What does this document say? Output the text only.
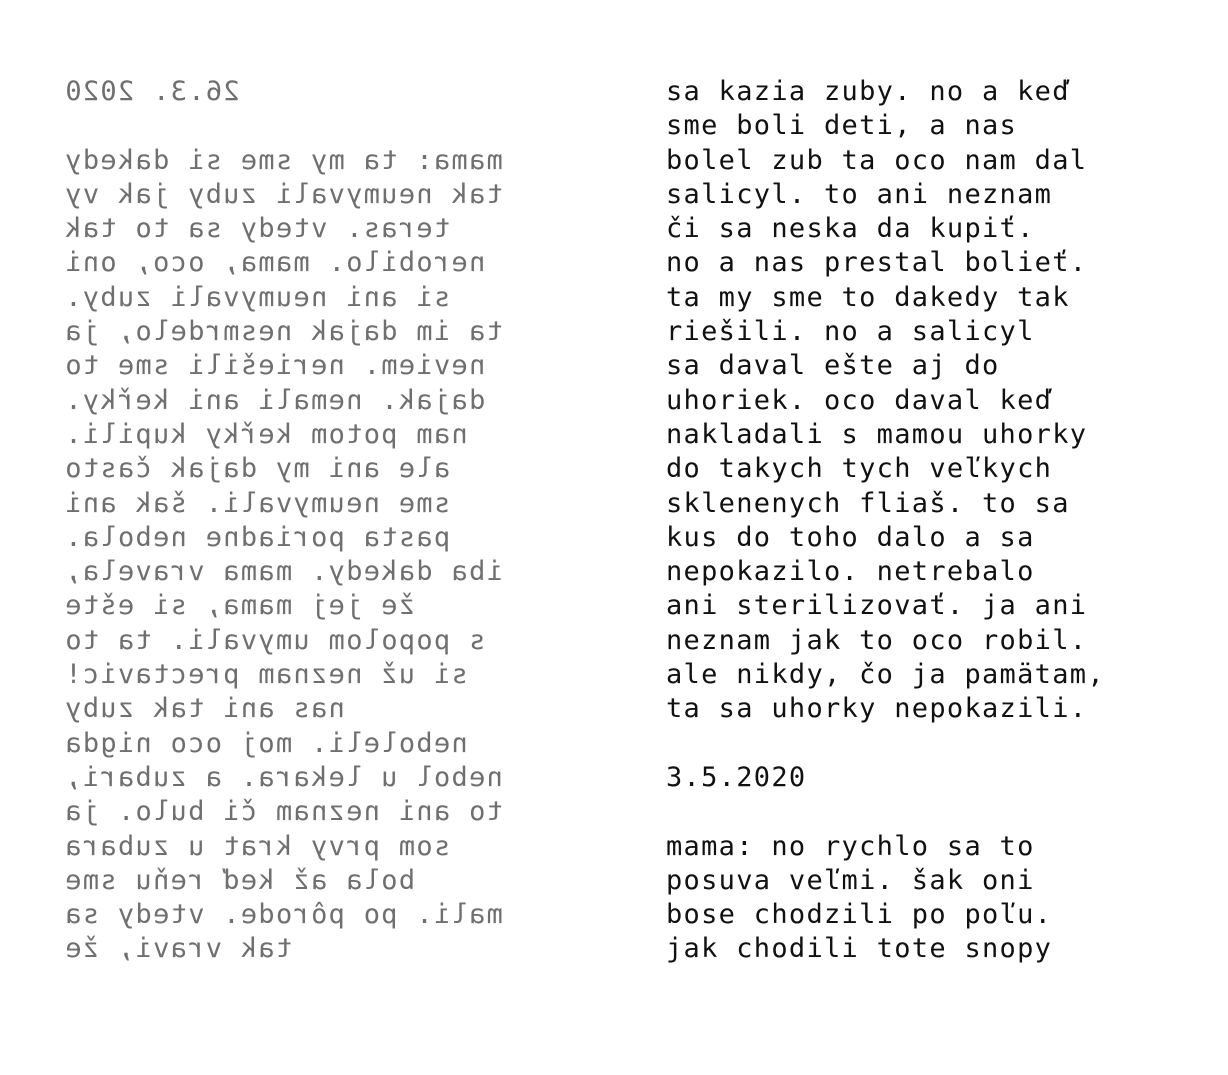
26.3. 2020

mama: ta my sme si dakedy
tak neumyvali zuby jak vy
teras. vtedy sa to tak
nerobilo. mama, oco, oni
si ani neumyvali zuby.
ta im dajak nesmrdelo, ja
neviem. neriešili sme to
dajak. nemali ani keřky.
nam potom keřky kupili.
ale ani my dajak často
sme neumyvali. šak ani
pasta poriadne nebola.
iba dakedy. mama vravela,
že jej mama, si ešte
s popolom umyvali. ta to
si už neznam prectavic!
nas ani tak zuby
neboleli. moj oco nigda
nebol u lekara. a zubari,
to ani neznam či bulo. ja
som prvy krat u zubara
bola až keď reňu sme
mali. po pôrode. vtedy sa
tak vravi, že
sa kazia zuby. no a keď
sme boli deti, a nas
bolel zub ta oco nam dal
salicyl. to ani neznam
či sa neska da kupiť.
no a nas prestal bolieť.
ta my sme to dakedy tak
riešili. no a salicyl
sa daval ešte aj do
uhoriek. oco daval keď
nakladali s mamou uhorky
do takych tych veľkych
sklenenych fliaš. to sa
kus do toho dalo a sa
nepokazilo. netrebalo
ani sterilizovať. ja ani
neznam jak to oco robil.
ale nikdy, čo ja pamätam,
ta sa uhorky nepokazili.

3.5.2020

mama: no rychlo sa to
posuva veľmi. šak oni
bose chodzili po poľu.
jak chodili tote snopy
